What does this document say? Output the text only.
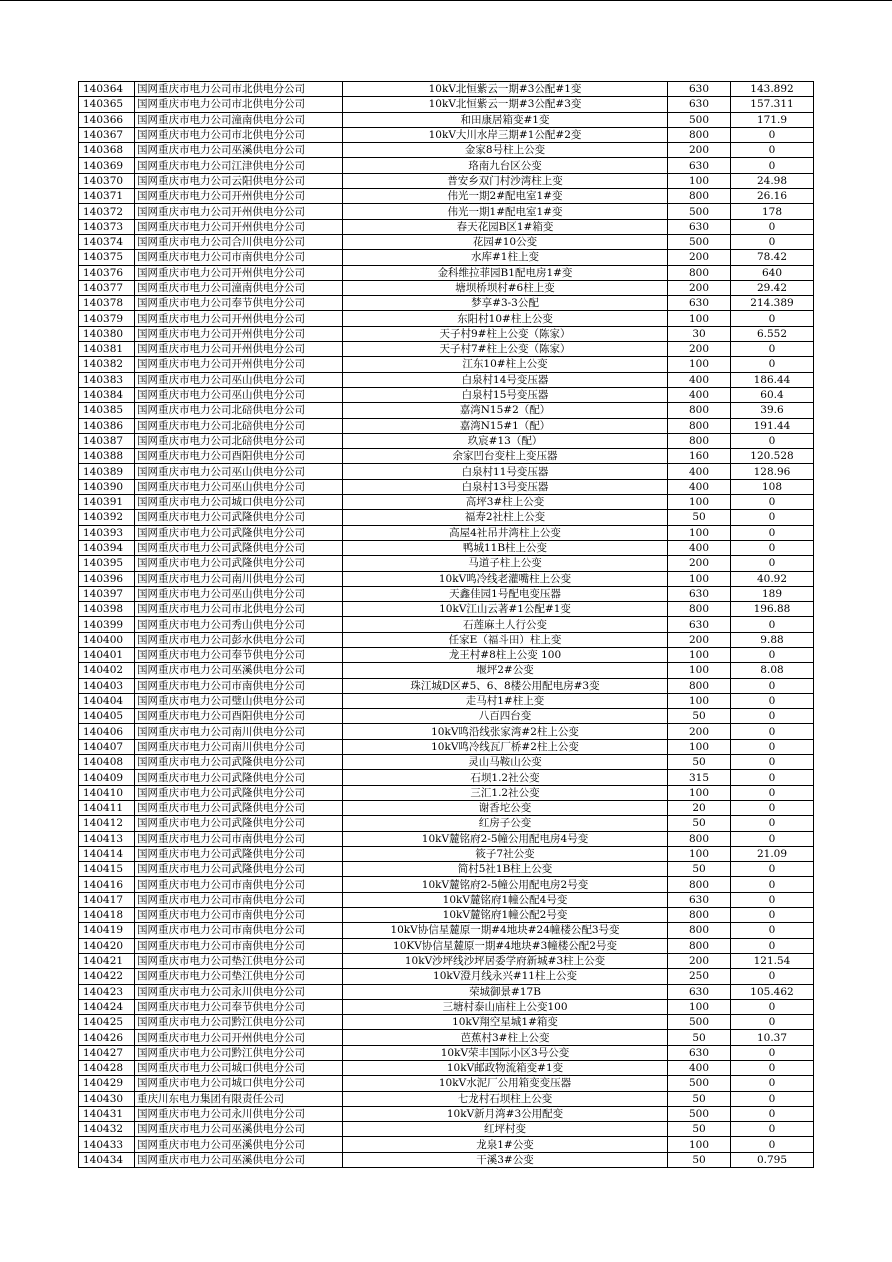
140364	国网重庆市电力公司市北供电分公司	10kV北恒紫云一期#3公配#1变	630	143.892
140365	国网重庆市电力公司市北供电分公司	10kV北恒紫云一期#3公配#3变	630	157.311
140366	国网重庆市电力公司潼南供电分公司	和田康居箱变#1变	500	171.9
140367	国网重庆市电力公司市北供电分公司	10kV大川水岸三期#1公配#2变	800	0
140368	国网重庆市电力公司巫溪供电分公司	金家8号柱上公变	200	0
140369	国网重庆市电力公司江津供电分公司	珞南九台区公变	630	0
140370	国网重庆市电力公司云阳供电分公司	普安乡双门村沙湾柱上变	100	24.98
140371	国网重庆市电力公司开州供电分公司	伟光一期2#配电室1#变	800	26.16
140372	国网重庆市电力公司开州供电分公司	伟光一期1#配电室1#变	500	178
140373	国网重庆市电力公司开州供电分公司	春天花园B区1#箱变	630	0
140374	国网重庆市电力公司合川供电分公司	花园#10公变	500	0
140375	国网重庆市电力公司市南供电分公司	水库#1柱上变	200	78.42
140376	国网重庆市电力公司开州供电分公司	金科维拉菲园B1配电房1#变	800	640
140377	国网重庆市电力公司潼南供电分公司	塘坝桥坝村#6柱上变	200	29.42
140378	国网重庆市电力公司奉节供电分公司	梦享#3-3公配	630	214.389
140379	国网重庆市电力公司开州供电分公司	东阳村10#柱上公变	100	0
140380	国网重庆市电力公司开州供电分公司	天子村9#柱上公变（陈家）	30	6.552
140381	国网重庆市电力公司开州供电分公司	天子村7#柱上公变（陈家）	200	0
140382	国网重庆市电力公司开州供电分公司	江东10#柱上公变	100	0
140383	国网重庆市电力公司巫山供电分公司	白泉村14号变压器	400	186.44
140384	国网重庆市电力公司巫山供电分公司	白泉村15号变压器	400	60.4
140385	国网重庆市电力公司北碚供电分公司	嘉湾N15#2（配）	800	39.6
140386	国网重庆市电力公司北碚供电分公司	嘉湾N15#1（配）	800	191.44
140387	国网重庆市电力公司北碚供电分公司	玖宸#13（配）	800	0
140388	国网重庆市电力公司酉阳供电分公司	余家凹台变柱上变压器	160	120.528
140389	国网重庆市电力公司巫山供电分公司	白泉村11号变压器	400	128.96
140390	国网重庆市电力公司巫山供电分公司	白泉村13号变压器	400	108
140391	国网重庆市电力公司城口供电分公司	高坪3#柱上公变	100	0
140392	国网重庆市电力公司武隆供电分公司	福寿2社柱上公变	50	0
140393	国网重庆市电力公司武隆供电分公司	高屋4社吊井湾柱上公变	100	0
140394	国网重庆市电力公司武隆供电分公司	鸭城11B柱上公变	400	0
140395	国网重庆市电力公司武隆供电分公司	马道子柱上公变	200	0
140396	国网重庆市电力公司南川供电分公司	10kV鸣冷线老灌嘴柱上公变	100	40.92
140397	国网重庆市电力公司巫山供电分公司	天鑫佳园1号配电变压器	630	189
140398	国网重庆市电力公司市北供电分公司	10kV江山云著#1公配#1变	800	196.88
140399	国网重庆市电力公司秀山供电分公司	石莲麻土人行公变	630	0
140400	国网重庆市电力公司彭水供电分公司	任家E（福斗田）柱上变	200	9.88
140401	国网重庆市电力公司奉节供电分公司	龙王村#8柱上公变 100	100	0
140402	国网重庆市电力公司巫溪供电分公司	堰坪2#公变	100	8.08
140403	国网重庆市电力公司市南供电分公司	珠江城D区#5、6、8楼公用配电房#3变	800	0
140404	国网重庆市电力公司璧山供电分公司	走马村1#柱上变	100	0
140405	国网重庆市电力公司酉阳供电分公司	八百四台变	50	0
140406	国网重庆市电力公司南川供电分公司	10kV鸣沿线张家湾#2柱上公变	200	0
140407	国网重庆市电力公司南川供电分公司	10kV鸣冷线瓦厂桥#2柱上公变	100	0
140408	国网重庆市电力公司武隆供电分公司	灵山马鞍山公变	50	0
140409	国网重庆市电力公司武隆供电分公司	石坝1.2社公变	315	0
140410	国网重庆市电力公司武隆供电分公司	三汇1.2社公变	100	0
140411	国网重庆市电力公司武隆供电分公司	谢香坨公变	20	0
140412	国网重庆市电力公司武隆供电分公司	红房子公变	50	0
140413	国网重庆市电力公司市南供电分公司	10kV麓铭府2-5幢公用配电房4号变	800	0
140414	国网重庆市电力公司武隆供电分公司	筱子7社公变	100	21.09
140415	国网重庆市电力公司武隆供电分公司	简村5社1B柱上公变	50	0
140416	国网重庆市电力公司市南供电分公司	10kV麓铭府2-5幢公用配电房2号变	800	0
140417	国网重庆市电力公司市南供电分公司	10kV麓铭府1幢公配4号变	630	0
140418	国网重庆市电力公司市南供电分公司	10kV麓铭府1幢公配2号变	800	0
140419	国网重庆市电力公司市南供电分公司	10kV协信星麓原一期#4地块#24幢楼公配3号变	800	0
140420	国网重庆市电力公司市南供电分公司	10KV协信星麓原一期#4地块#3幢楼公配2号变	800	0
140421	国网重庆市电力公司垫江供电分公司	10kV沙坪线沙坪居委学府新城#3柱上公变	200	121.54
140422	国网重庆市电力公司垫江供电分公司	10kV澄月线永兴#11柱上公变	250	0
140423	国网重庆市电力公司永川供电分公司	荣城御景#17B	630	105.462
140424	国网重庆市电力公司奉节供电分公司	三塘村泰山庙柱上公变100	100	0
140425	国网重庆市电力公司黔江供电分公司	10kV翔空星城1#箱变	500	0
140426	国网重庆市电力公司开州供电分公司	芭蕉村3#柱上公变	50	10.37
140427	国网重庆市电力公司黔江供电分公司	10kV荣丰国际小区3号公变	630	0
140428	国网重庆市电力公司城口供电分公司	10kV邮政物流箱变#1变	400	0
140429	国网重庆市电力公司城口供电分公司	10kV水泥厂公用箱变变压器	500	0
140430	重庆川东电力集团有限责任公司	七龙村石坝柱上公变	50	0
140431	国网重庆市电力公司永川供电分公司	10kV新月湾#3公用配变	500	0
140432	国网重庆市电力公司巫溪供电分公司	红坪村变	50	0
140433	国网重庆市电力公司巫溪供电分公司	龙泉1#公变	100	0
140434	国网重庆市电力公司巫溪供电分公司	干溪3#公变	50	0.795
